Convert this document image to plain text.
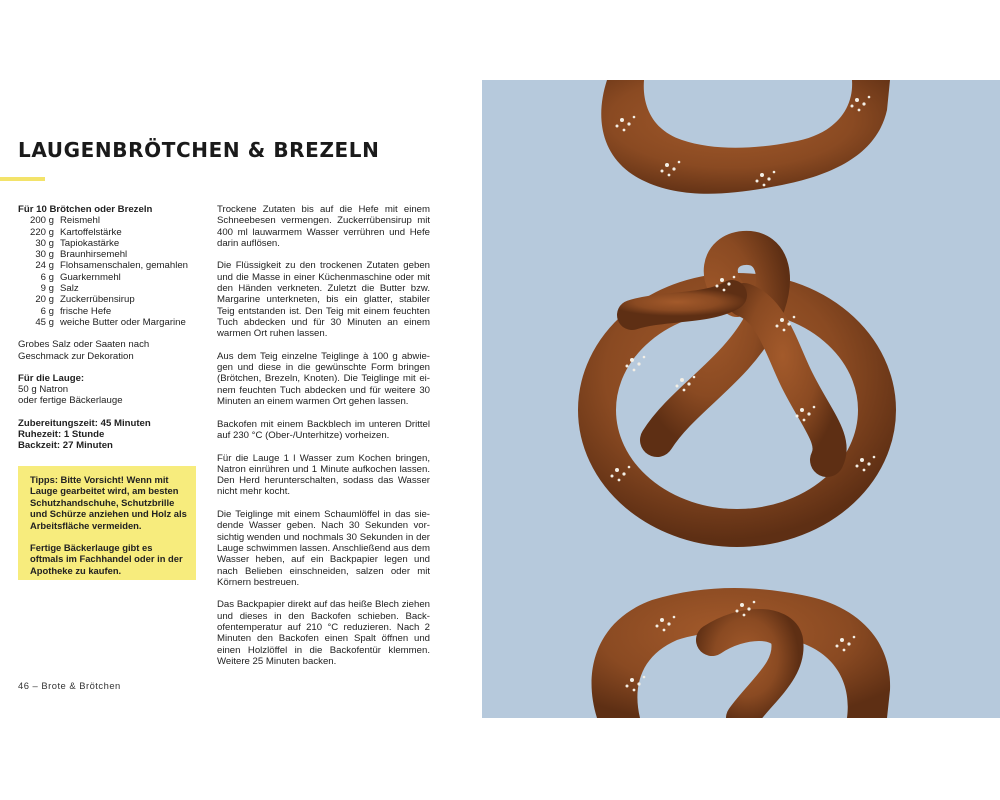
LAUGENBRÖTCHEN & BREZELN
Für 10 Brötchen oder Brezeln
200 g Reismehl
220 g Kartoffelstärke
30 g Tapiokastärke
30 g Braunhirsemehl
24 g Flohsamenschalen, gemahlen
6 g Guarkernmehl
9 g Salz
20 g Zuckerrübensirup
6 g frische Hefe
45 g weiche Butter oder Margarine
Grobes Salz oder Saaten nach
Geschmack zur Dekoration
Für die Lauge:
50 g Natron
oder fertige Bäckerlauge
Zubereitungszeit: 45 Minuten
Ruhezeit: 1 Stunde
Backzeit: 27 Minuten

Tipps: Bitte Vorsicht! Wenn mit Lauge gearbeitet wird, am besten Schutzhandschuhe, Schutzbrille und Schürze anziehen und Holz als Arbeitsfläche vermeiden.

Fertige Bäckerlauge gibt es oftmals im Fachhandel oder in der Apotheke zu kaufen.

Trockene Zutaten bis auf die Hefe mit einem Schneebesen vermengen. Zuckerrübensirup mit 400 ml lauwarmem Wasser verrühren und Hefe darin auflösen.

Die Flüssigkeit zu den trockenen Zutaten geben und die Masse in einer Küchenmaschine oder mit den Händen verkneten. Zuletzt die Butter bzw. Margarine unterkneten, bis ein glatter, stabiler Teig entstanden ist. Den Teig mit einem feuchten Tuch abdecken und für 30 Minuten an einem warmen Ort ruhen lassen.

Aus dem Teig einzelne Teiglinge à 100 g abwiegen und diese in die gewünschte Form bringen (Brötchen, Brezeln, Knoten). Die Teiglinge mit einem feuchten Tuch abdecken und für weitere 30 Minuten an einem warmen Ort gehen lassen.

Backofen mit einem Backblech im unteren Drittel auf 230 °C (Ober-/Unterhitze) vorheizen.

Für die Lauge 1 l Wasser zum Kochen bringen, Natron einrühren und 1 Minute aufkochen lassen. Den Herd herunterschalten, sodass das Wasser nicht mehr kocht.

Die Teiglinge mit einem Schaumlöffel in das siedende Wasser geben. Nach 30 Sekunden vorsichtig wenden und nochmals 30 Sekunden in der Lauge schwimmen lassen. Anschließend aus dem Wasser heben, auf ein Backpapier legen und nach Belieben einschneiden, salzen oder mit Körnern bestreuen.

Das Backpapier direkt auf das heiße Blech ziehen und dieses in den Backofen schieben. Backofentemperatur auf 210 °C reduzieren. Nach 2 Minuten den Backofen einen Spalt öffnen und einen Holzlöffel in die Backofentür klemmen. Weitere 25 Minuten backen.

46 – Brote & Brötchen
